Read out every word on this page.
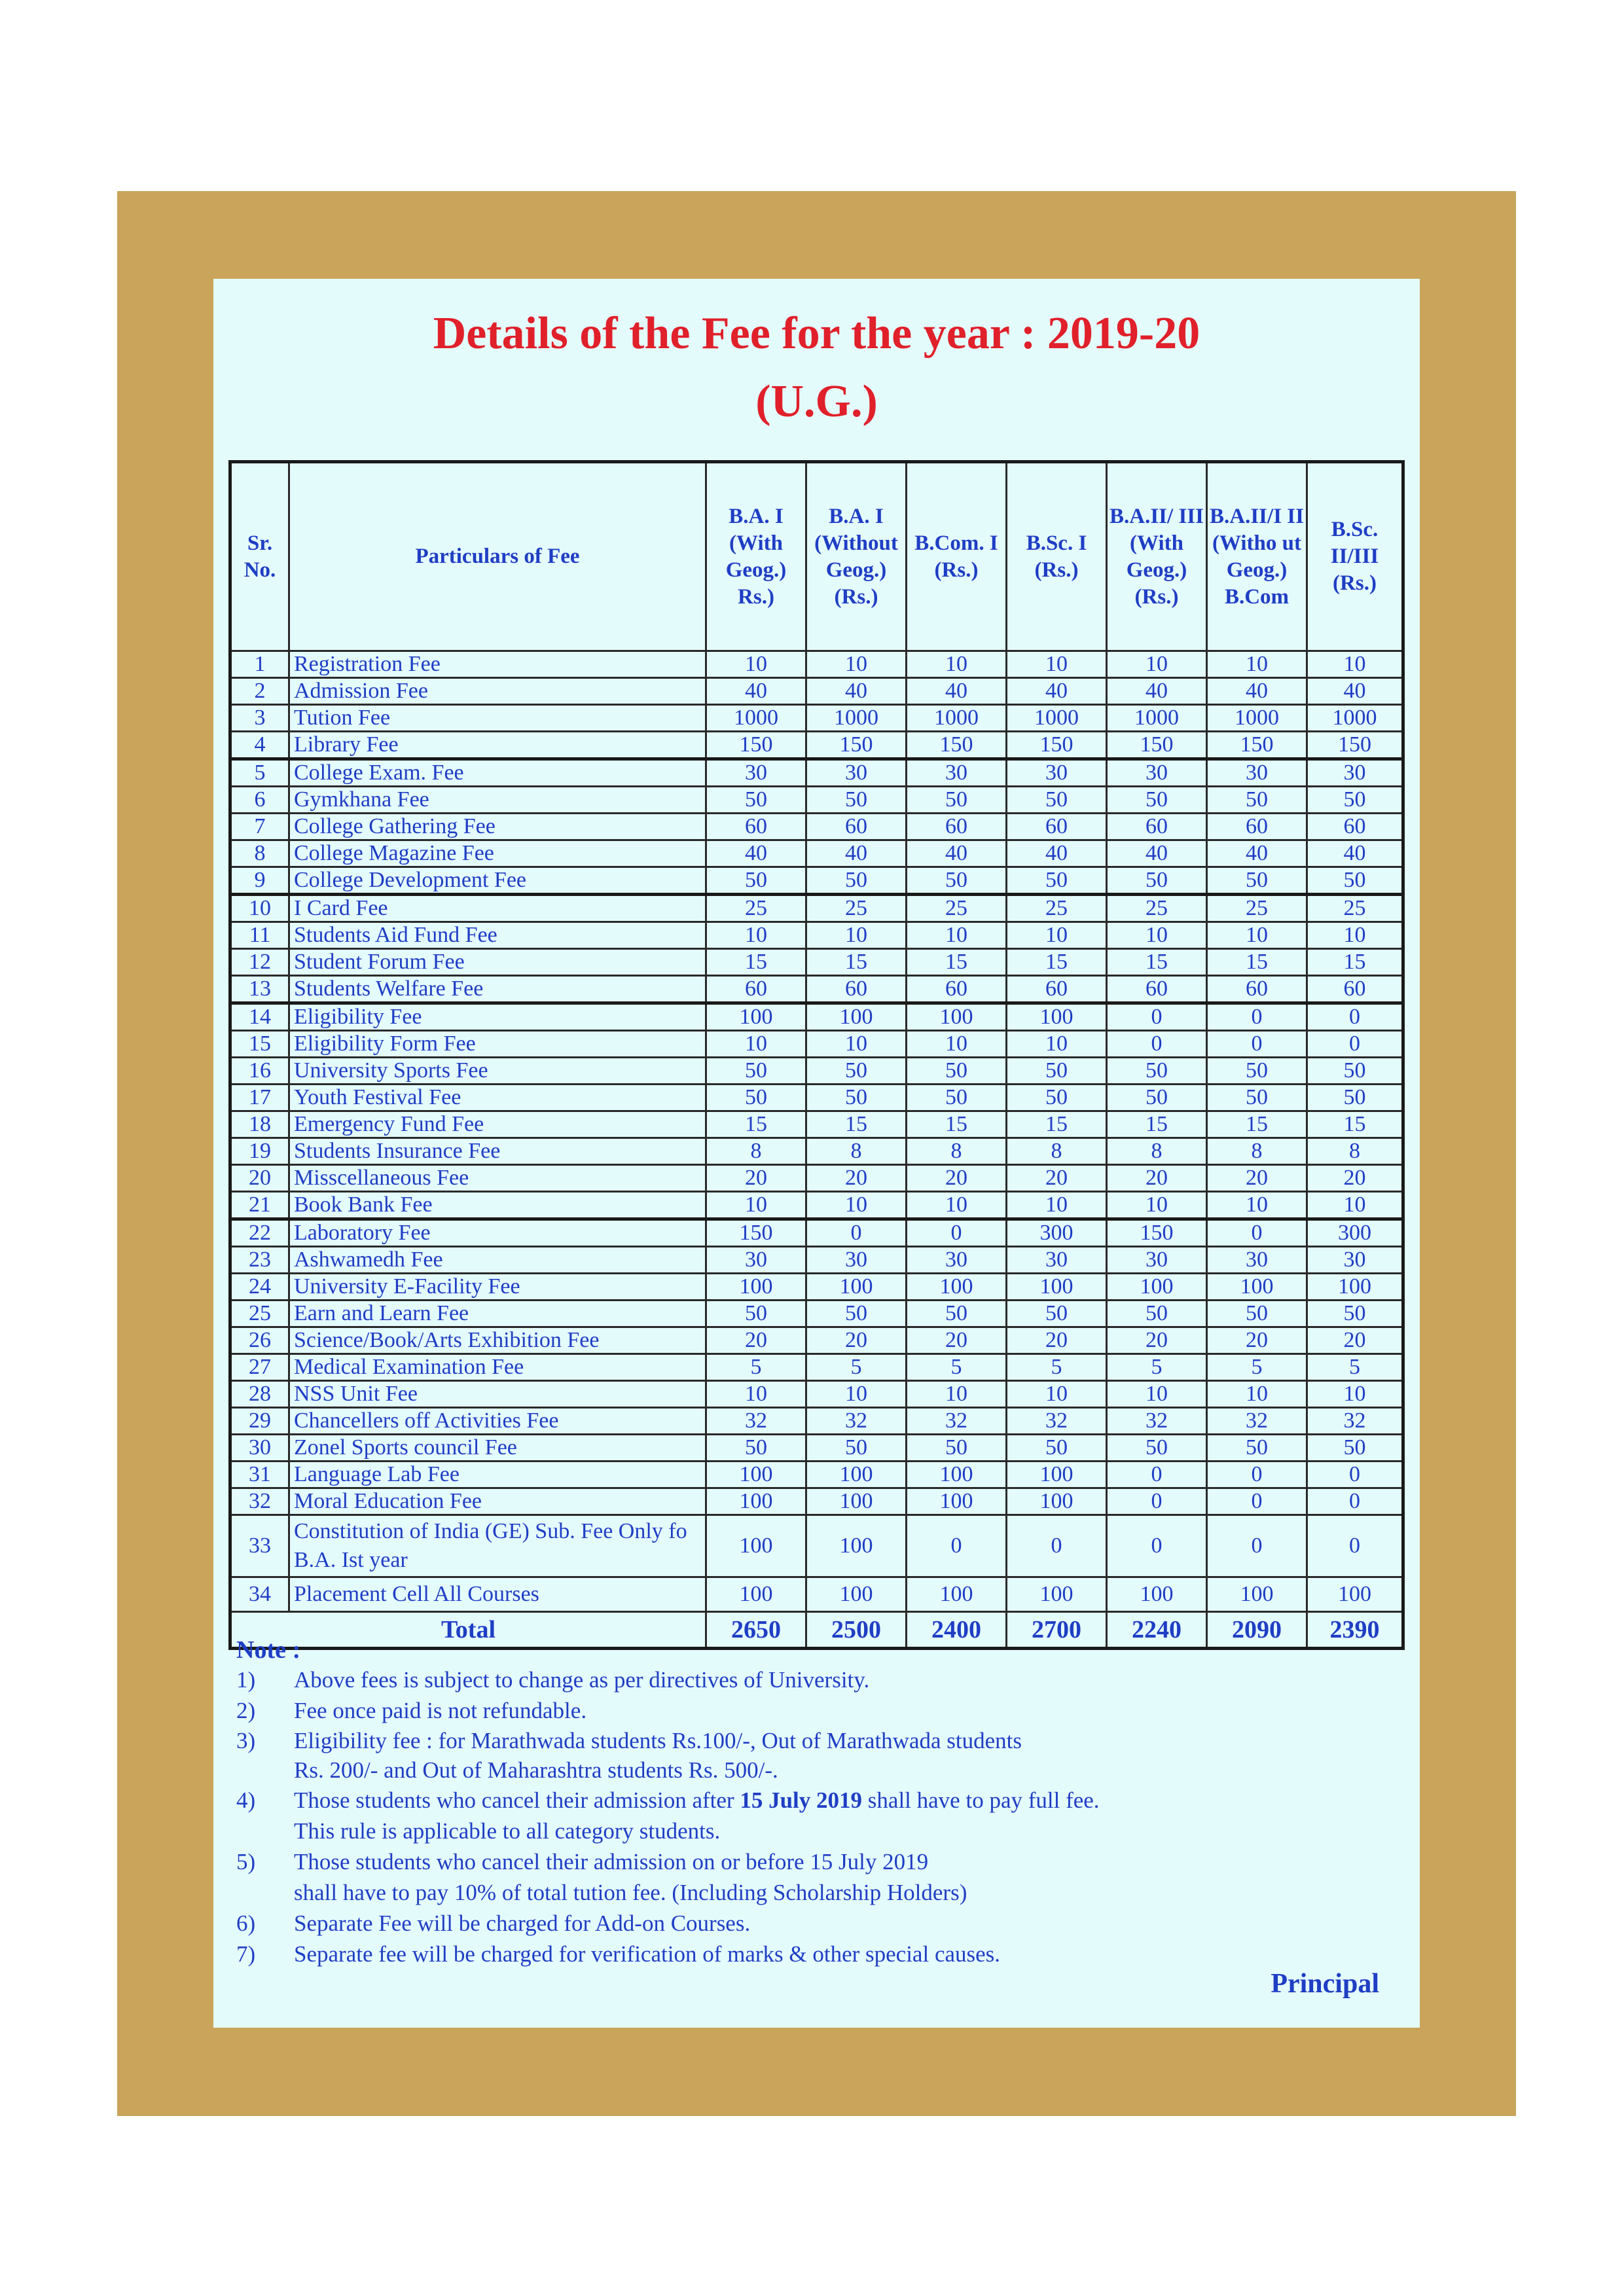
Details of the Fee for the year : 2019-20
(U.G.)
Sr. No.	Particulars of Fee	B.A. I (With Geog.) Rs.)	B.A. I (Without Geog.) (Rs.)	B.Com. I (Rs.)	B.Sc. I (Rs.)	B.A.II/ III (With Geog.) (Rs.)	B.A.II/I II (Witho ut Geog.) B.Com	B.Sc. II/III (Rs.)
1	Registration Fee	10	10	10	10	10	10	10
2	Admission Fee	40	40	40	40	40	40	40
3	Tution Fee	1000	1000	1000	1000	1000	1000	1000
4	Library Fee	150	150	150	150	150	150	150
5	College Exam. Fee	30	30	30	30	30	30	30
6	Gymkhana Fee	50	50	50	50	50	50	50
7	College Gathering Fee	60	60	60	60	60	60	60
8	College Magazine Fee	40	40	40	40	40	40	40
9	College Development Fee	50	50	50	50	50	50	50
10	I Card Fee	25	25	25	25	25	25	25
11	Students Aid Fund Fee	10	10	10	10	10	10	10
12	Student Forum Fee	15	15	15	15	15	15	15
13	Students Welfare Fee	60	60	60	60	60	60	60
14	Eligibility Fee	100	100	100	100	0	0	0
15	Eligibility Form Fee	10	10	10	10	0	0	0
16	University Sports Fee	50	50	50	50	50	50	50
17	Youth Festival Fee	50	50	50	50	50	50	50
18	Emergency Fund Fee	15	15	15	15	15	15	15
19	Students Insurance Fee	8	8	8	8	8	8	8
20	Misscellaneous Fee	20	20	20	20	20	20	20
21	Book Bank Fee	10	10	10	10	10	10	10
22	Laboratory Fee	150	0	0	300	150	0	300
23	Ashwamedh Fee	30	30	30	30	30	30	30
24	University E-Facility Fee	100	100	100	100	100	100	100
25	Earn and Learn Fee	50	50	50	50	50	50	50
26	Science/Book/Arts Exhibition Fee	20	20	20	20	20	20	20
27	Medical Examination Fee	5	5	5	5	5	5	5
28	NSS Unit Fee	10	10	10	10	10	10	10
29	Chancellers off Activities Fee	32	32	32	32	32	32	32
30	Zonel Sports council Fee	50	50	50	50	50	50	50
31	Language Lab Fee	100	100	100	100	0	0	0
32	Moral Education Fee	100	100	100	100	0	0	0
33	Constitution of India (GE) Sub. Fee Only fo B.A. Ist year	100	100	0	0	0	0	0
34	Placement Cell All Courses	100	100	100	100	100	100	100
Total		2650	2500	2400	2700	2240	2090	2390
Note :
1)	Above fees is subject to change as per directives of University.
2)	Fee once paid is not refundable.
3)	Eligibility fee : for Marathwada students Rs.100/-, Out of Marathwada students Rs. 200/- and Out of Maharashtra students Rs. 500/-.
4)	Those students who cancel their admission after 15 July 2019 shall have to pay full fee.
This rule is applicable to all category students.
5)	Those students who cancel their admission on or before 15 July 2019
shall have to pay 10% of total tution fee. (Including Scholarship Holders)
6)	Separate Fee will be charged for Add-on Courses.
7)	Separate fee will be charged for verification of marks & other special causes.
Principal
